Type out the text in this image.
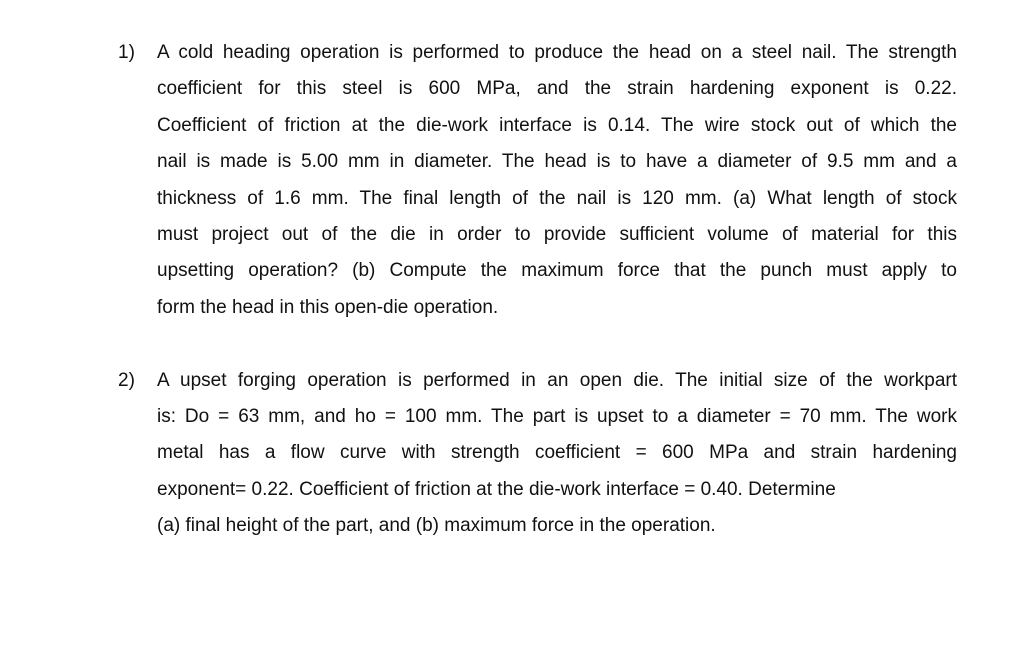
1) A cold heading operation is performed to produce the head on a steel nail. The strength
coefficient for this steel is 600 MPa, and the strain hardening exponent is 0.22.
Coefficient of friction at the die-work interface is 0.14. The wire stock out of which the
nail is made is 5.00 mm in diameter. The head is to have a diameter of 9.5 mm and a
thickness of 1.6 mm. The final length of the nail is 120 mm. (a) What length of stock
must project out of the die in order to provide sufficient volume of material for this
upsetting operation? (b) Compute the maximum force that the punch must apply to
form the head in this open-die operation.
2) A upset forging operation is performed in an open die. The initial size of the workpart
is: Do = 63 mm, and ho = 100 mm. The part is upset to a diameter = 70 mm. The work
metal has a flow curve with strength coefficient = 600 MPa and strain hardening
exponent= 0.22. Coefficient of friction at the die-work interface = 0.40. Determine
(a) final height of the part, and (b) maximum force in the operation.
